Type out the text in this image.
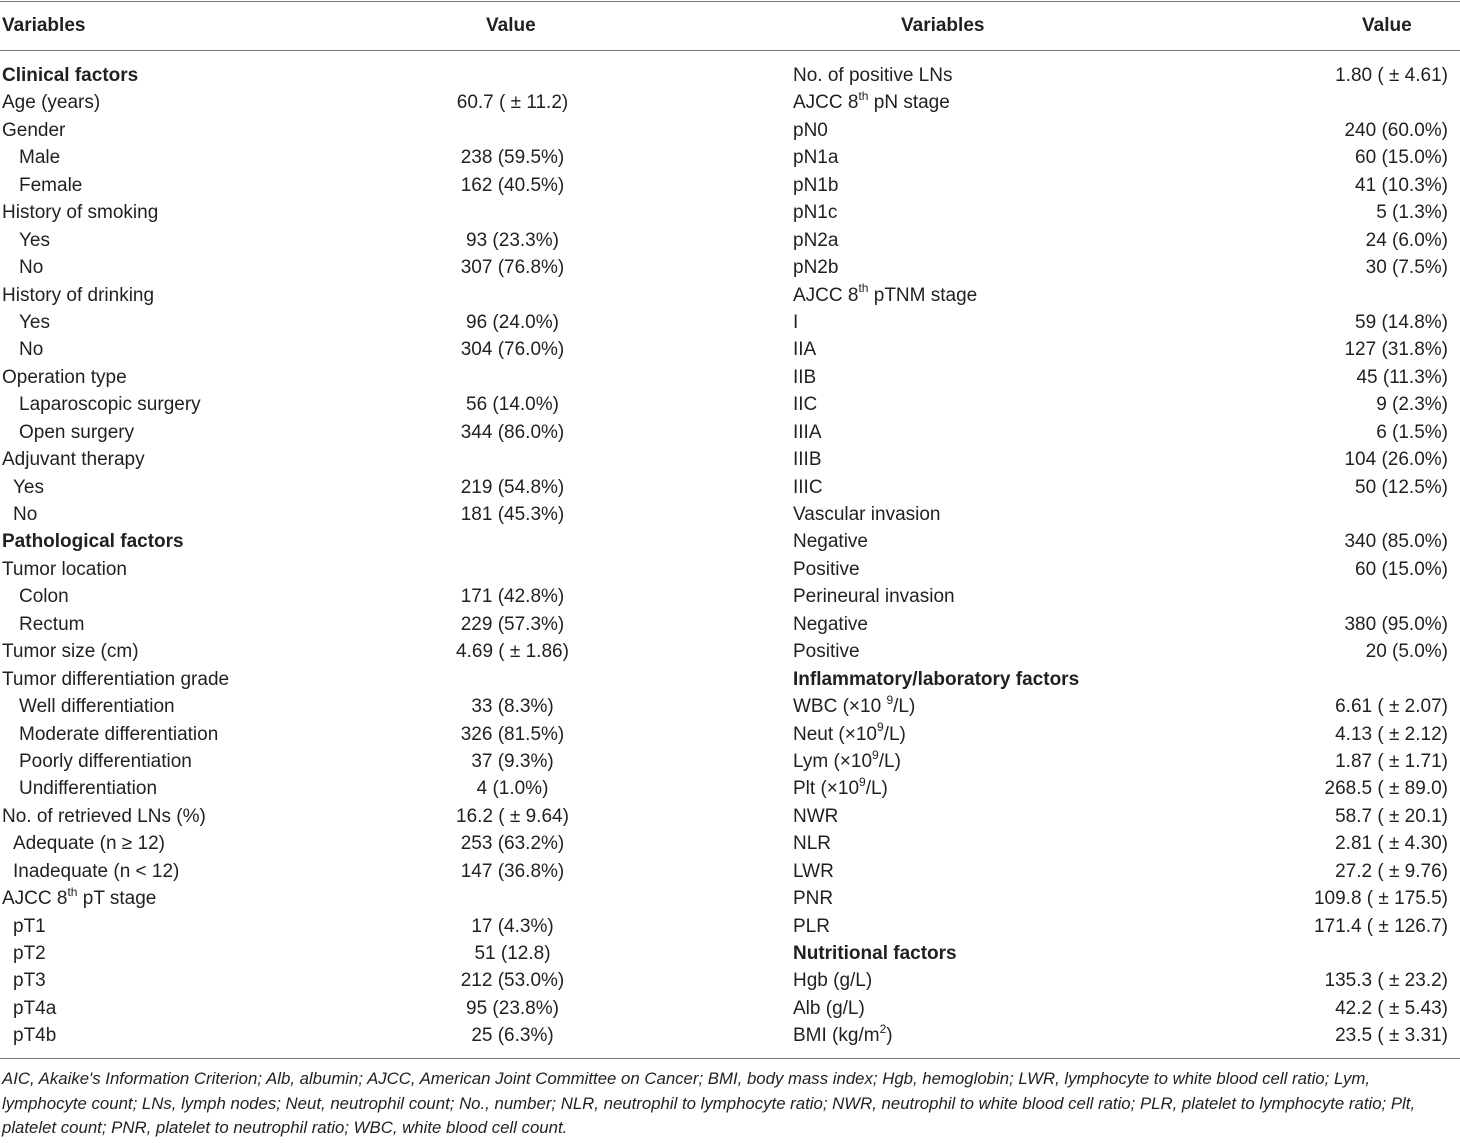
Variables	Value	Variables	Value
Clinical factors
Age (years)	60.7 ( ± 11.2)
Gender
Male	238 (59.5%)
Female	162 (40.5%)
History of smoking
Yes	93 (23.3%)
No	307 (76.8%)
History of drinking
Yes	96 (24.0%)
No	304 (76.0%)
Operation type
Laparoscopic surgery	56 (14.0%)
Open surgery	344 (86.0%)
Adjuvant therapy
Yes	219 (54.8%)
No	181 (45.3%)
Pathological factors
Tumor location
Colon	171 (42.8%)
Rectum	229 (57.3%)
Tumor size (cm)	4.69 ( ± 1.86)
Tumor differentiation grade
Well differentiation	33 (8.3%)
Moderate differentiation	326 (81.5%)
Poorly differentiation	37 (9.3%)
Undifferentiation	4 (1.0%)
No. of retrieved LNs (%)	16.2 ( ± 9.64)
Adequate (n ≥ 12)	253 (63.2%)
Inadequate (n < 12)	147 (36.8%)
AJCC 8th pT stage
pT1	17 (4.3%)
pT2	51 (12.8)
pT3	212 (53.0%)
pT4a	95 (23.8%)
pT4b	25 (6.3%)
No. of positive LNs	1.80 ( ± 4.61)
AJCC 8th pN stage
pN0	240 (60.0%)
pN1a	60 (15.0%)
pN1b	41 (10.3%)
pN1c	5 (1.3%)
pN2a	24 (6.0%)
pN2b	30 (7.5%)
AJCC 8th pTNM stage
I	59 (14.8%)
IIA	127 (31.8%)
IIB	45 (11.3%)
IIC	9 (2.3%)
IIIA	6 (1.5%)
IIIB	104 (26.0%)
IIIC	50 (12.5%)
Vascular invasion
Negative	340 (85.0%)
Positive	60 (15.0%)
Perineural invasion
Negative	380 (95.0%)
Positive	20 (5.0%)
Inflammatory/laboratory factors
WBC (×10 $^9$/L)	6.61 ( ± 2.07)
Neut $(\times 10^9/L)$	4.13 ( ± 2.12)
Lym $(\times 10^9/L)$	1.87 ( ± 1.71)
Plt $(\times 10^9/L)$	268.5 ( ± 89.0)
NWR	58.7 ( ± 20.1)
NLR	2.81 ( ± 4.30)
LWR	27.2 ( ± 9.76)
PNR	109.8 ( ± 175.5)
PLR	171.4 ( ± 126.7)
Nutritional factors
Hgb (g/L)	135.3 ( ± 23.2)
Alb (g/L)	42.2 ( ± 5.43)
BMI $(kg/m^2)$	23.5 ( ± 3.31)
AIC, Akaike's Information Criterion; Alb, albumin; AJCC, American Joint Committee on Cancer; BMI, body mass index; Hgb, hemoglobin; LWR, lymphocyte to white blood cell ratio; Lym, lymphocyte count; LNs, lymph nodes; Neut, neutrophil count; No., number; NLR, neutrophil to lymphocyte ratio; NWR, neutrophil to white blood cell ratio; PLR, platelet to lymphocyte ratio; Plt, platelet count; PNR, platelet to neutrophil ratio; WBC, white blood cell count.
